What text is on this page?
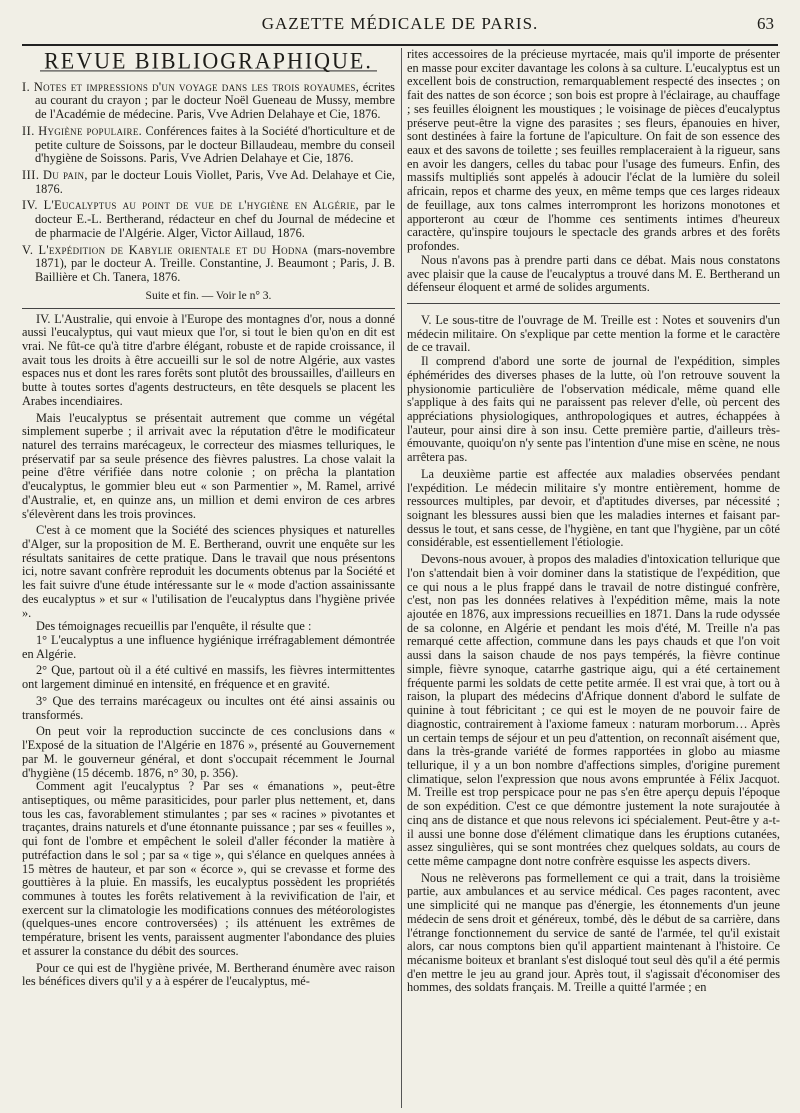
GAZETTE MÉDICALE DE PARIS.	63
REVUE BIBLIOGRAPHIQUE.
I. Notes et impressions d'un voyage dans les trois royaumes, écrites au courant du crayon ; par le docteur Noël Gueneau de Mussy, membre de l'Académie de médecine. Paris, Vve Adrien Delahaye et Cie, 1876.
II. Hygiène populaire. Conférences faites à la Société d'horticulture et de petite culture de Soissons, par le docteur Billaudeau, membre du conseil d'hygiène de Soissons. Paris, Vve Adrien Delahaye et Cie, 1876.
III. Du pain, par le docteur Louis Viollet, Paris, Vve Ad. Delahaye et Cie, 1876.
IV. L'Eucalyptus au point de vue de l'hygiène en Algérie, par le docteur E.-L. Bertherand, rédacteur en chef du Journal de médecine et de pharmacie de l'Algérie. Alger, Victor Aillaud, 1876.
V. L'expédition de Kabylie orientale et du Hodna (mars-novembre 1871), par le docteur A. Treille. Constantine, J. Beaumont ; Paris, J. B. Baillière et Ch. Tanera, 1876.
Suite et fin. — Voir le n° 3.

IV. L'Australie, qui envoie à l'Europe des montagnes d'or, nous a donné aussi l'eucalyptus, qui vaut mieux que l'or, si tout le bien qu'on en dit est vrai. Ne fût-ce qu'à titre d'arbre élégant, robuste et de rapide croissance, il avait tous les droits à être accueilli sur le sol de notre Algérie, aux vastes espaces nus et dont les rares forêts sont plutôt des broussailles, d'ailleurs en butte à toutes sortes d'agents destructeurs, en tête desquels se placent les Arabes incendiaires.

Mais l'eucalyptus se présentait autrement que comme un végétal simplement superbe ; il arrivait avec la réputation d'être le modificateur naturel des terrains marécageux, le correcteur des miasmes telluriques, le préservatif par sa seule présence des fièvres palustres. La chose valait la peine d'être vérifiée dans notre colonie ; on prêcha la plantation d'eucalyptus, le gommier bleu eut « son Parmentier », M. Ramel, arrivé d'Australie, et, en quinze ans, un million et demi environ de ces arbres s'élevèrent dans les trois provinces.

C'est à ce moment que la Société des sciences physiques et naturelles d'Alger, sur la proposition de M. E. Bertherand, ouvrit une enquête sur les résultats sanitaires de cette pratique. Dans le travail que nous présentons ici, notre savant confrère reproduit les documents obtenus par la Société et les fait suivre d'une étude intéressante sur le « mode d'action assainissante des eucalyptus » et sur « l'utilisation de l'eucalyptus dans l'hygiène privée ».

Des témoignages recueillis par l'enquête, il résulte que :

1° L'eucalyptus a une influence hygiénique irréfragablement démontrée en Algérie.

2° Que, partout où il a été cultivé en massifs, les fièvres intermittentes ont largement diminué en intensité, en fréquence et en gravité.

3° Que des terrains marécageux ou incultes ont été ainsi assainis ou transformés.

On peut voir la reproduction succincte de ces conclusions dans « l'Exposé de la situation de l'Algérie en 1876 », présenté au Gouvernement par M. le gouverneur général, et dont s'occupait récemment le Journal d'hygiène (15 décemb. 1876, n° 30, p. 356).

Comment agit l'eucalyptus ? Par ses « émanations », peut-être antiseptiques, ou même parasiticides, pour parler plus nettement, et, dans tous les cas, favorablement stimulantes ; par ses « racines » pivotantes et traçantes, drains naturels et d'une étonnante puissance ; par ses « feuilles », qui font de l'ombre et empêchent le soleil d'aller féconder la matière à putréfaction dans le sol ; par sa « tige », qui s'élance en quelques années à 15 mètres de hauteur, et par son « écorce », qui se crevasse et forme des gouttières à la pluie. En massifs, les eucalyptus possèdent les propriétés communes à toutes les forêts relativement à la revivification de l'air, et exercent sur la climatologie les modifications connues des météorologistes (quelques-unes encore controversées) ; ils atténuent les extrêmes de température, brisent les vents, paraissent augmenter l'abondance des pluies et assurer la constance du débit des sources.

Pour ce qui est de l'hygiène privée, M. Bertherand énumère avec raison les bénéfices divers qu'il y a à espérer de l'eucalyptus, mé-

rites accessoires de la précieuse myrtacée, mais qu'il importe de présenter en masse pour exciter davantage les colons à sa culture. L'eucalyptus est un excellent bois de construction, remarquablement respecté des insectes ; on fait des nattes de son écorce ; son bois est propre à l'éclairage, au chauffage ; ses feuilles éloignent les moustiques ; le voisinage de pièces d'eucalyptus préserve peut-être la vigne des parasites ; ses fleurs, épanouies en hiver, sont destinées à faire la fortune de l'apiculture. On fait de son essence des eaux et des savons de toilette ; ses feuilles remplaceraient à la rigueur, sans en avoir les dangers, celles du tabac pour l'usage des fumeurs. Enfin, des massifs multipliés sont appelés à adoucir l'éclat de la lumière du soleil africain, repos et charme des yeux, en même temps que ces larges rideaux de feuillage, aux tons calmes interrompront les horizons monotones et apporteront au cœur de l'homme ces sentiments intimes d'heureux caractère, qu'inspire toujours le spectacle des grands arbres et des forêts profondes.

Nous n'avons pas à prendre parti dans ce débat. Mais nous constatons avec plaisir que la cause de l'eucalyptus a trouvé dans M. E. Bertherand un défenseur éloquent et armé de solides arguments.

V. Le sous-titre de l'ouvrage de M. Treille est : Notes et souvenirs d'un médecin militaire. On s'explique par cette mention la forme et le caractère de ce travail.

Il comprend d'abord une sorte de journal de l'expédition, simples éphémérides des diverses phases de la lutte, où l'on retrouve souvent la physionomie particulière de l'observation médicale, même quand elle s'applique à des faits qui ne paraissent pas relever d'elle, où percent des appréciations physiologiques, anthropologiques et autres, échappées à l'auteur, pour ainsi dire à son insu. Cette première partie, d'ailleurs très-émouvante, quoiqu'on n'y sente pas l'intention d'une mise en scène, ne nous arrêtera pas.

La deuxième partie est affectée aux maladies observées pendant l'expédition. Le médecin militaire s'y montre entièrement, homme de ressources multiples, par devoir, et d'aptitudes diverses, par nécessité ; soignant les blessures aussi bien que les maladies internes et faisant par-dessus le tout, et sans cesse, de l'hygiène, en tant que l'hygiène, par un côté considérable, est essentiellement l'étiologie.

Devons-nous avouer, à propos des maladies d'intoxication tellurique que l'on s'attendait bien à voir dominer dans la statistique de l'expédition, que ce qui nous a le plus frappé dans le travail de notre distingué confrère, c'est, non pas les données relatives à l'expédition même, mais la note ajoutée en 1876, aux impressions recueillies en 1871. Dans la rude odyssée de sa colonne, en Algérie et pendant les mois d'été, M. Treille n'a pas remarqué cette affection, commune dans les pays chauds et que l'on voit aussi dans la saison chaude de nos pays tempérés, la fièvre continue simple, fièvre synoque, catarrhe gastrique aigu, qui a été certainement fréquente parmi les soldats de cette petite armée. Il est vrai que, à tort ou à raison, la plupart des médecins d'Afrique donnent d'abord le sulfate de quinine à tout fébricitant ; ce qui est le moyen de ne pouvoir faire de diagnostic, contrairement à l'axiome fameux : naturam morborum… Après un certain temps de séjour et un peu d'attention, on reconnaît aisément que, dans la très-grande variété de formes rapportées in globo au miasme tellurique, il y a un bon nombre d'affections simples, d'origine purement climatique, selon l'expression que nous avons empruntée à Félix Jacquot. M. Treille est trop perspicace pour ne pas s'en être aperçu depuis l'époque de son expédition. C'est ce que démontre justement la note surajoutée à cinq ans de distance et que nous relevons ici spécialement. Peut-être y a-t-il aussi une bonne dose d'élément climatique dans les éruptions cutanées, assez singulières, qui se sont montrées chez quelques soldats, au cours de cette même campagne dont notre confrère esquisse les aspects divers.

Nous ne relèverons pas formellement ce qui a trait, dans la troisième partie, aux ambulances et au service médical. Ces pages racontent, avec une simplicité qui ne manque pas d'énergie, les étonnements d'un jeune médecin de sens droit et généreux, tombé, dès le début de sa carrière, dans l'étrange fonctionnement du service de santé de l'armée, tel qu'il existait alors, car nous comptons bien qu'il appartient maintenant à l'histoire. Ce mécanisme boiteux et branlant s'est disloqué tout seul dès qu'il a été permis d'en mettre le jeu au grand jour. Après tout, il s'agissait d'économiser des hommes, des soldats français. M. Treille a quitté l'armée ; en
